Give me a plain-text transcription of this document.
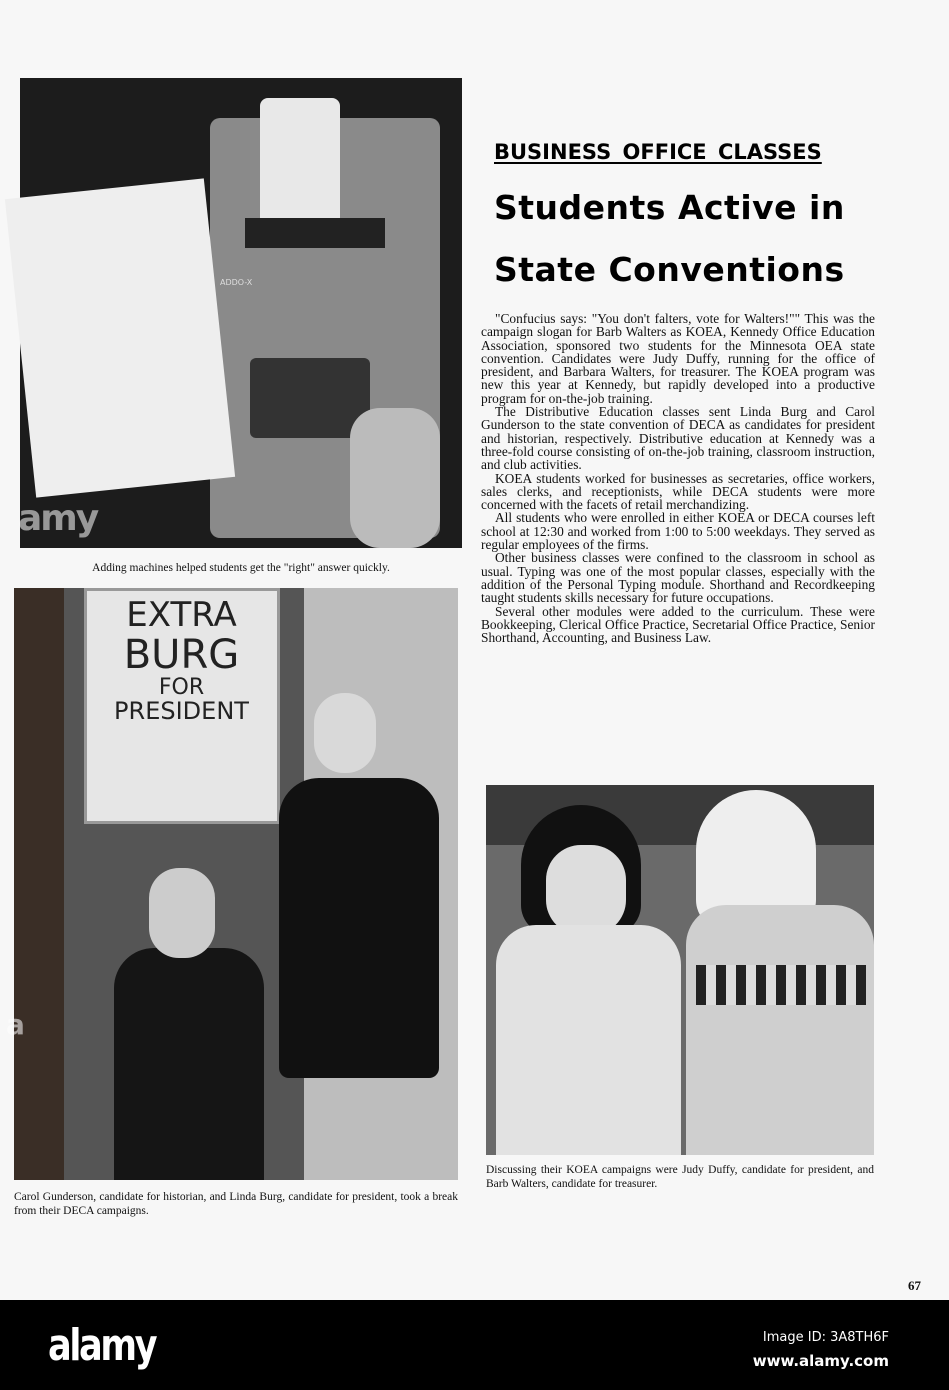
ADDO-X
amy
Adding machines helped students get the "right" answer quickly.
EXTRA
BURG
FOR
PRESIDENT
a
Carol Gunderson, candidate for historian, and Linda Burg, candidate for president, took a break from their DECA campaigns.
BUSINESS OFFICE CLASSES
Students Active in
State Conventions

"Confucius says: "You don't falters, vote for Walters!"" This was the campaign slogan for Barb Walters as KOEA, Kennedy Office Education Association, sponsored two students for the Minnesota OEA state convention. Candidates were Judy Duffy, running for the office of president, and Barbara Walters, for treasurer. The KOEA program was new this year at Kennedy, but rapidly developed into a productive program for on-the-job training.

The Distributive Education classes sent Linda Burg and Carol Gunderson to the state convention of DECA as candidates for president and historian, respectively. Distributive education at Kennedy was a three-fold course consisting of on-the-job training, classroom instruction, and club activities.

KOEA students worked for businesses as secretaries, office workers, sales clerks, and receptionists, while DECA students were more concerned with the facets of retail merchandizing.

All students who were enrolled in either KOEA or DECA courses left school at 12:30 and worked from 1:00 to 5:00 weekdays. They served as regular employees of the firms.

Other business classes were confined to the classroom in school as usual. Typing was one of the most popular classes, especially with the addition of the Personal Typing module. Shorthand and Recordkeeping taught students skills necessary for future occupations.

Several other modules were added to the curriculum. These were Bookkeeping, Clerical Office Practice, Secretarial Office Practice, Senior Shorthand, Accounting, and Business Law.

Discussing their KOEA campaigns were Judy Duffy, candidate for president, and Barb Walters, candidate for treasurer.
67
alamy	Image ID: 3A8TH6F
www.alamy.com
